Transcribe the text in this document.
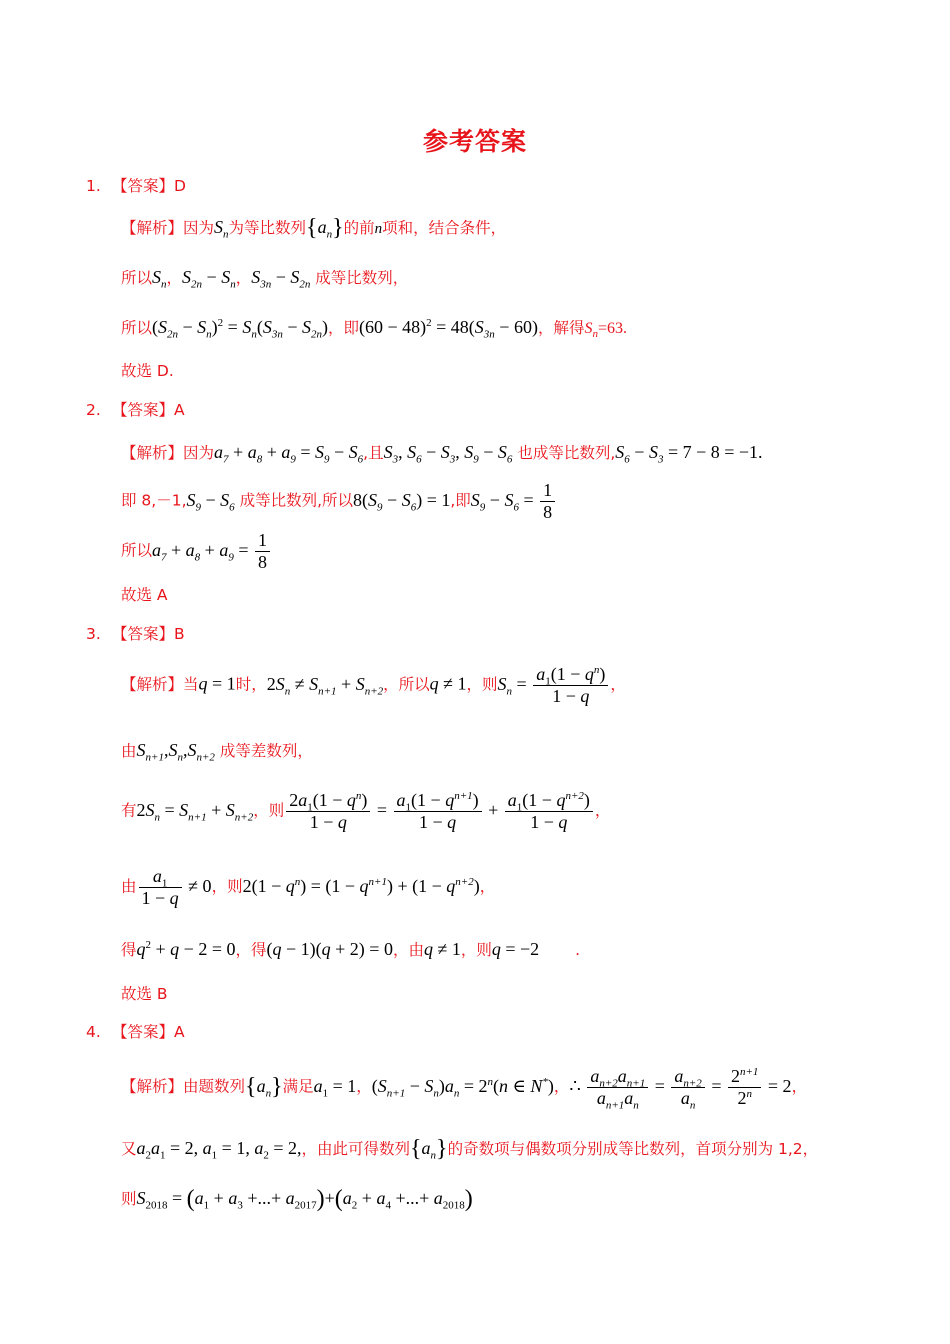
参考答案
1. 【答案】D
【解析】因为$S_n$为等比数列$\{a_n\}$的前n项和，结合条件，
所以$S_n$，$S_{2n} - S_n$，$S_{3n} - S_{2n}$ 成等比数列，
所以$(S_{2n} - S_n)^2 = S_n(S_{3n} - S_{2n})$，即$(60 - 48)^2 = 48(S_{3n} - 60)$，解得$S_n=63$.
故选 D.
2. 【答案】A
【解析】因为$a_7 + a_8 + a_9 = S_9 - S_6$,且$S_3$, $S_6 - S_3$, $S_9 - S_6$ 也成等比数列$,S_6 - S_3 = 7 - 8 = -1$.
即 $8,-1,S_9 - S_6$ 成等比数列,所以$8(S_9 - S_6) = 1$,即$S_9 - S_6 = \frac{1}{8}$
所以$a_7 + a_8 + a_9 = \frac{1}{8}$
故选 A
3. 【答案】B
【解析】当q = 1时，$2S_n \ne S_{n+1} + S_{n+2}$，所以q ≠ 1，则$S_n = \frac{a_1(1 - q^n)}{1 - q}$ ，
由$S_{n+1},S_n,S_{n+2}$ 成等差数列，
有$2S_n = S_{n+1} + S_{n+2}$，则 $\frac{2a_1(1 - q^n)}{1 - q} = \frac{a_1(1 - q^{n+1})}{1 - q} + \frac{a_1(1 - q^{n+2})}{1 - q}$ ，
由 $\frac{a_1}{1 - q} \ne 0$，则$2(1 - q^n) = (1 - q^{n+1}) + (1 - q^{n+2})$，
得$q^2 + q - 2 = 0$，得(q − 1)(q + 2) = 0，由q ≠ 1，则q = −2 .
故选 B
4. 【答案】A
【解析】由题数列$\{a_n\}$满足$a_1 = 1$，$(S_{n+1} - S_n)a_n = 2^n(n$ ∈ N*)，∴ $\frac{a_{n+2}a_{n+1}}{a_{n+1}a_n} = \frac{a_{n+2}}{a_n} = \frac{2^{n+1}}{2^n} = 2$，
又$a_2a_1 = 2$, $a_1 = 1$, $a_2 = 2$,，由此可得数列$\{a_n\}$的奇数项与偶数项分别成等比数列，首项分别为 1,2，
则$S_{2018} = (a_1 + a_3$ +...+ $a_{2017})+(a_2 + a_4$ +...+ $a_{2018}$)
